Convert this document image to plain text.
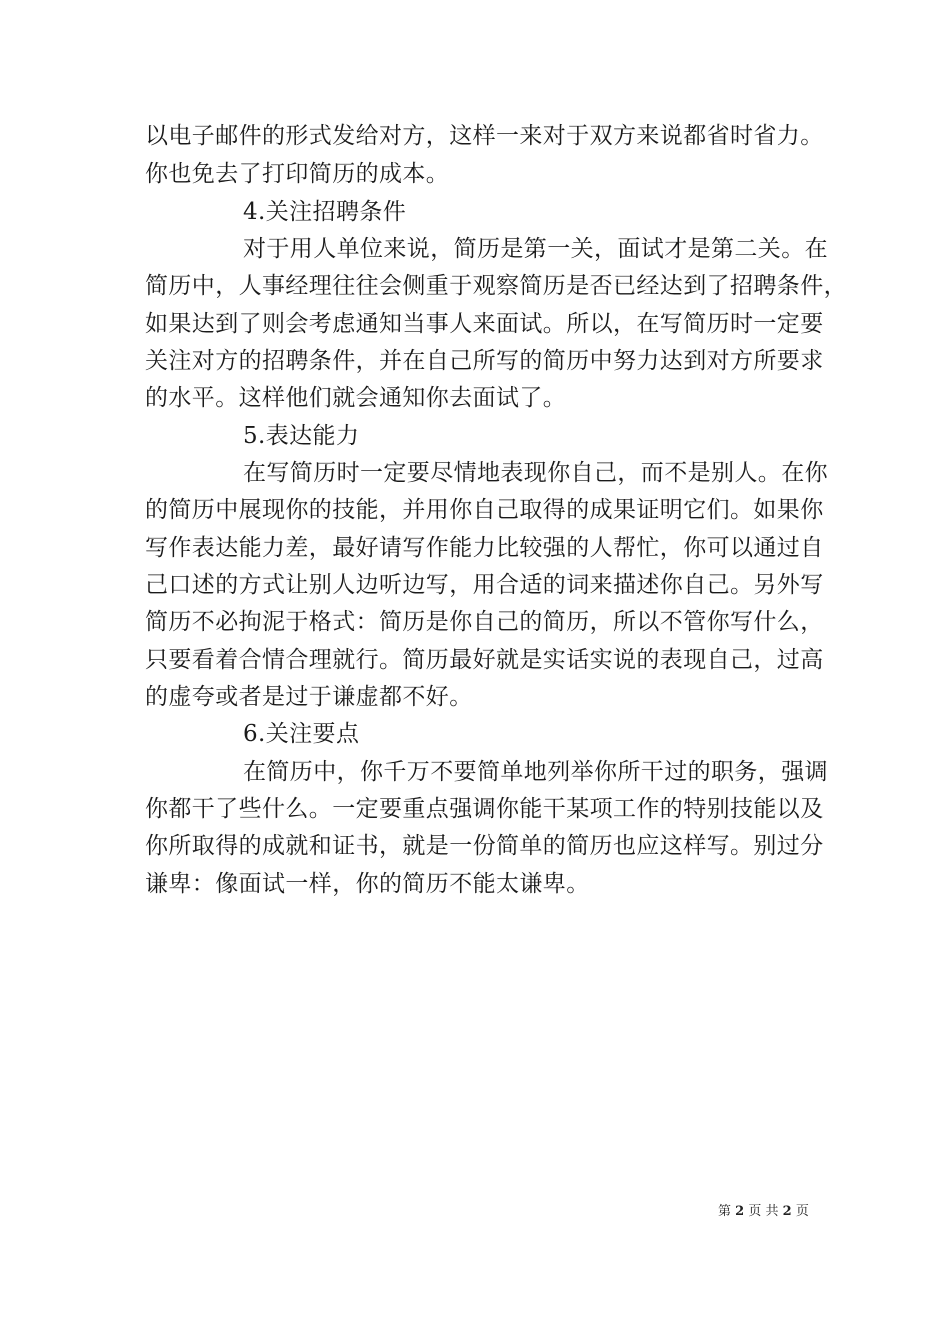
以电子邮件的形式发给对方，这样一来对于双方来说都省时省力。
你也免去了打印简历的成本。
4.关注招聘条件
对于用人单位来说，简历是第一关，面试才是第二关。在
简历中，人事经理往往会侧重于观察简历是否已经达到了招聘条件，
如果达到了则会考虑通知当事人来面试。所以，在写简历时一定要
关注对方的招聘条件，并在自己所写的简历中努力达到对方所要求
的水平。这样他们就会通知你去面试了。
5.表达能力
在写简历时一定要尽情地表现你自己，而不是别人。在你
的简历中展现你的技能，并用你自己取得的成果证明它们。如果你
写作表达能力差，最好请写作能力比较强的人帮忙，你可以通过自
己口述的方式让别人边听边写，用合适的词来描述你自己。另外写
简历不必拘泥于格式：简历是你自己的简历，所以不管你写什么，
只要看着合情合理就行。简历最好就是实话实说的表现自己，过高
的虚夸或者是过于谦虚都不好。
6.关注要点
在简历中，你千万不要简单地列举你所干过的职务，强调
你都干了些什么。一定要重点强调你能干某项工作的特别技能以及
你所取得的成就和证书，就是一份简单的简历也应这样写。别过分
谦卑：像面试一样，你的简历不能太谦卑。
第 2 页 共 2 页
